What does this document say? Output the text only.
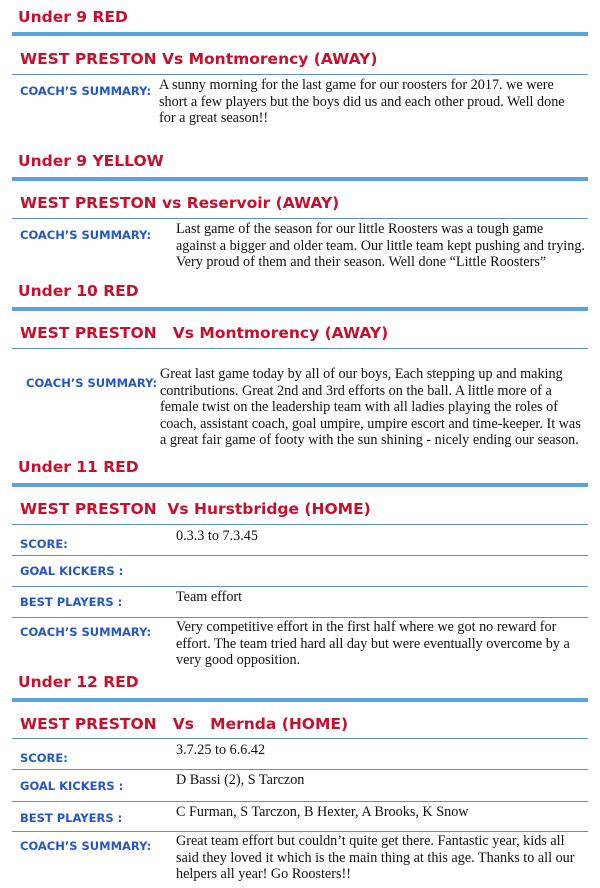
Under 9 RED
WEST PRESTON Vs Montmorency (AWAY)
COACH’S SUMMARY: A sunny morning for the last game for our roosters for 2017. we were short a few players but the boys did us and each other proud. Well done for a great season!!
Under 9 YELLOW
WEST PRESTON vs Reservoir (AWAY)
COACH’S SUMMARY:	Last game of the season for our little Roosters was a tough game against a bigger and older team. Our little team kept pushing and trying. Very proud of them and their season. Well done “Little Roosters”
Under 10 RED
WEST PRESTON   Vs Montmorency (AWAY)
COACH’S SUMMARY:
Great last game today by all of our boys, Each stepping up and making contributions. Great 2nd and 3rd efforts on the ball. A little more of a female twist on the leadership team with all ladies playing the roles of coach, assistant coach, goal umpire, umpire escort and time-keeper. It was a great fair game of footy with the sun shining - nicely ending our season.
Under 11 RED
WEST PRESTON  Vs Hurstbridge (HOME)
SCORE:	0.3.3 to 7.3.45
GOAL KICKERS :
BEST PLAYERS :	Team effort
COACH’S SUMMARY:	Very competitive effort in the first half where we got no reward for effort. The team tried hard all day but were eventually overcome by a very good opposition.
Under 12 RED
WEST PRESTON   Vs   Mernda (HOME)
SCORE:	3.7.25 to 6.6.42
GOAL KICKERS :	D Bassi (2), S Tarczon
BEST PLAYERS :	C Furman, S Tarczon, B Hexter, A Brooks, K Snow
COACH’S SUMMARY:	Great team effort but couldn’t quite get there. Fantastic year, kids all said they loved it which is the main thing at this age. Thanks to all our helpers all year! Go Roosters!!
